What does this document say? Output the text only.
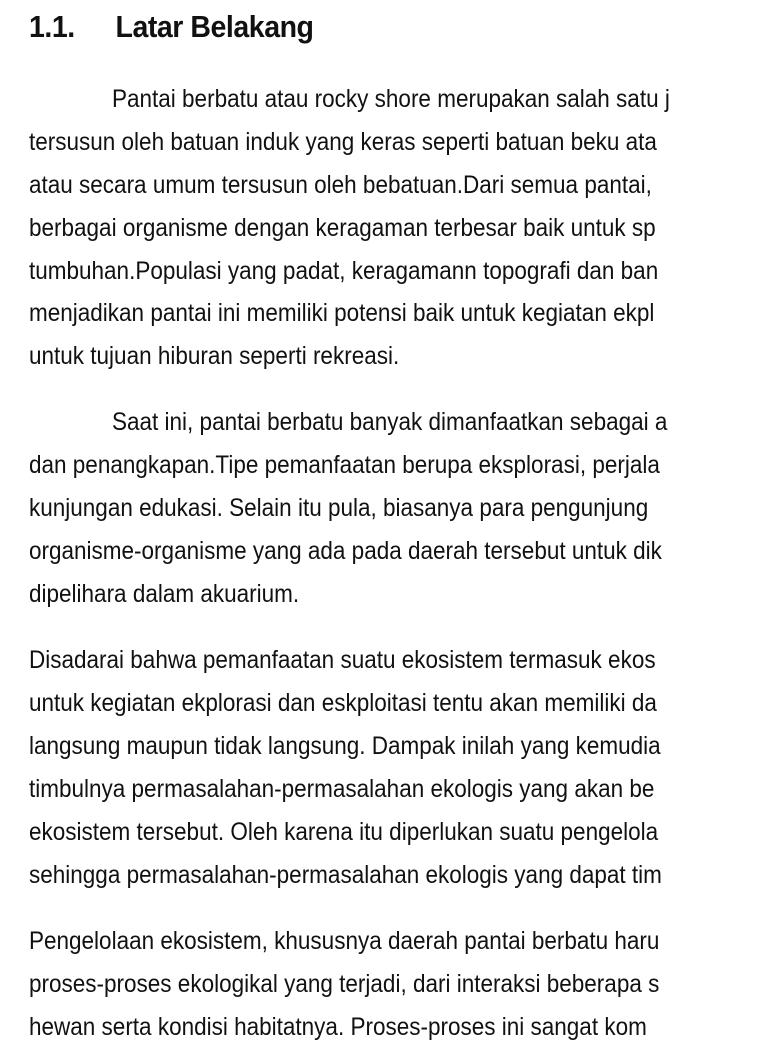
1.1.	Latar Belakang
Pantai berbatu atau rocky shore merupakan salah satu j
tersusun oleh batuan induk yang keras seperti batuan beku ata
atau secara umum tersusun oleh bebatuan.Dari semua pantai,
berbagai organisme dengan keragaman terbesar baik untuk sp
tumbuhan.Populasi yang padat, keragamann topografi dan ban
menjadikan pantai ini memiliki potensi baik untuk kegiatan ekpl
untuk tujuan hiburan seperti rekreasi.
Saat ini, pantai berbatu banyak dimanfaatkan sebagai a
dan penangkapan.Tipe pemanfaatan berupa eksplorasi, perjala
kunjungan edukasi. Selain itu pula, biasanya para pengunjung
organisme-organisme yang ada pada daerah tersebut untuk dik
dipelihara dalam akuarium.
Disadarai bahwa pemanfaatan suatu ekosistem termasuk ekos
untuk kegiatan ekplorasi dan eskploitasi tentu akan memiliki da
langsung maupun tidak langsung. Dampak inilah yang kemudia
timbulnya permasalahan-permasalahan ekologis yang akan be
ekosistem tersebut. Oleh karena itu diperlukan suatu pengelola
sehingga permasalahan-permasalahan ekologis yang dapat tim
Pengelolaan ekosistem, khususnya daerah pantai berbatu haru
proses-proses ekologikal yang terjadi, dari interaksi beberapa s
hewan serta kondisi habitatnya. Proses-proses ini sangat kom
